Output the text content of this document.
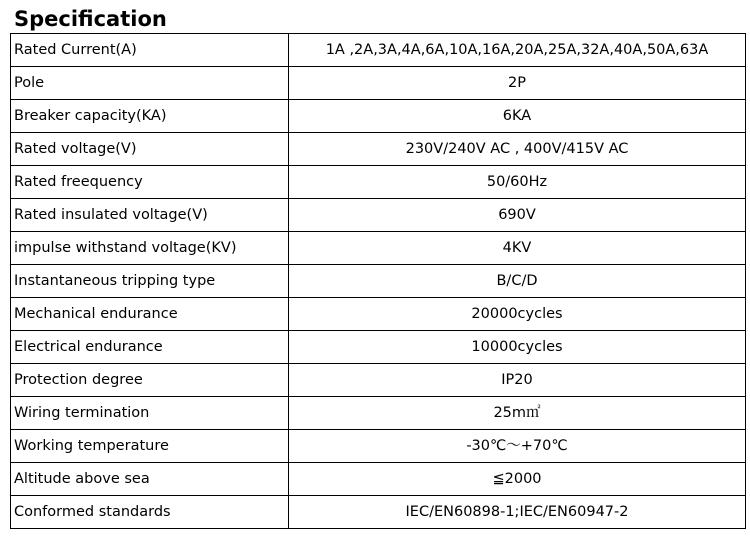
Specification
Rated Current(A)	1A ,2A,3A,4A,6A,10A,16A,20A,25A,32A,40A,50A,63A
Pole	2P
Breaker capacity(KA)	6KA
Rated voltage(V)	230V/240V AC , 400V/415V AC
Rated freequency	50/60Hz
Rated insulated voltage(V)	690V
impulse withstand voltage(KV)	4KV
Instantaneous tripping type	B/C/D
Mechanical endurance	20000cycles
Electrical endurance	10000cycles
Protection degree	IP20
Wiring termination	25m㎡
Working temperature	-30℃～+70℃
Altitude above sea	≦2000
Conformed standards	IEC/EN60898-1;IEC/EN60947-2
